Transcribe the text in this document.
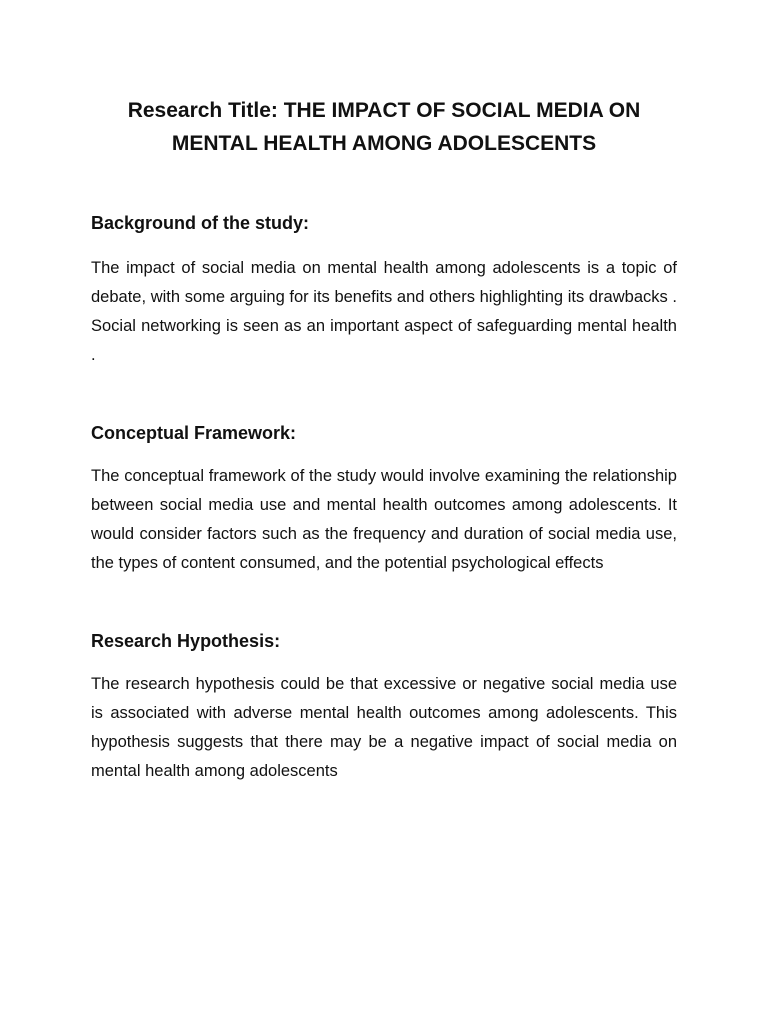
Research Title: THE IMPACT OF SOCIAL MEDIA ON
MENTAL HEALTH AMONG ADOLESCENTS

Background of the study:

The impact of social media on mental health among adolescents is a topic of debate, with some arguing for its benefits and others highlighting its drawbacks . Social networking is seen as an important aspect of safeguarding mental health .

Conceptual Framework:

The conceptual framework of the study would involve examining the relationship between social media use and mental health outcomes among adolescents. It would consider factors such as the frequency and duration of social media use, the types of content consumed, and the potential psychological effects

Research Hypothesis:

The research hypothesis could be that excessive or negative social media use is associated with adverse mental health outcomes among adolescents. This hypothesis suggests that there may be a negative impact of social media on mental health among adolescents
